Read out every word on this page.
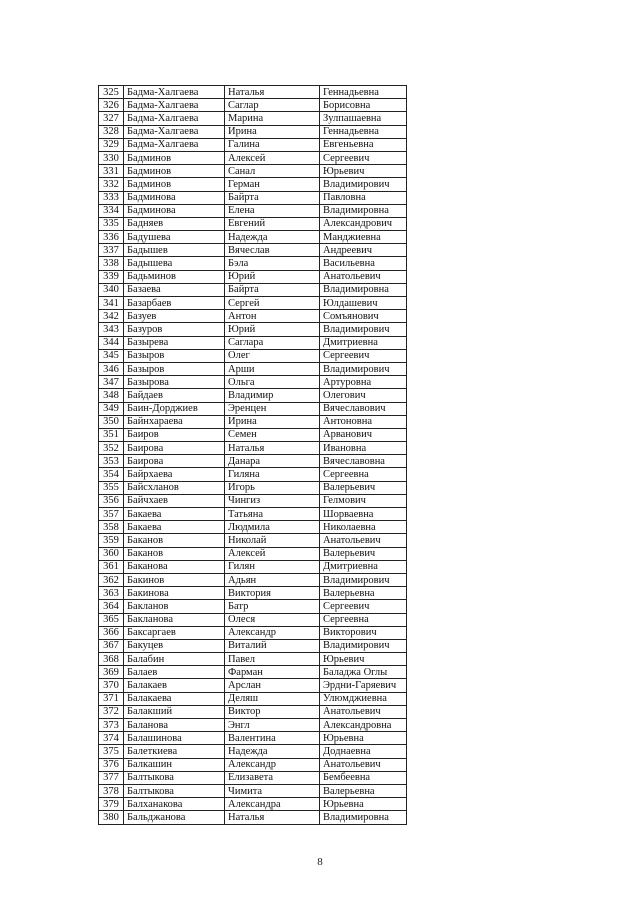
325	Бадма-Халгаева	Наталья	Геннадьевна
326	Бадма-Халгаева	Саглар	Борисовна
327	Бадма-Халгаева	Марина	Зулпашаевна
328	Бадма-Халгаева	Ирина	Геннадьевна
329	Бадма-Халгаева	Галина	Евгеньевна
330	Бадминов	Алексей	Сергеевич
331	Бадминов	Санал	Юрьевич
332	Бадминов	Герман	Владимирович
333	Бадминова	Байрта	Павловна
334	Бадминова	Елена	Владимировна
335	Бадняев	Евгений	Александрович
336	Бадушева	Надежда	Манджиевна
337	Бадышев	Вячеслав	Андреевич
338	Бадышева	Бэла	Васильевна
339	Бадьминов	Юрий	Анатольевич
340	Базаева	Байрта	Владимировна
341	Базарбаев	Сергей	Юлдашевич
342	Базуев	Антон	Сомъянович
343	Базуров	Юрий	Владимирович
344	Базырева	Саглара	Дмитриевна
345	Базыров	Олег	Сергеевич
346	Базыров	Арши	Владимирович
347	Базырова	Ольга	Артуровна
348	Байдаев	Владимир	Олегович
349	Баин-Дорджиев	Эренцен	Вячеславович
350	Байнхараева	Ирина	Антоновна
351	Баиров	Семен	Арванович
352	Баирова	Наталья	Ивановна
353	Баирова	Данара	Вячеславовна
354	Байрхаева	Гиляна	Сергеевна
355	Байсхланов	Игорь	Валерьевич
356	Байчхаев	Чингиз	Гелмович
357	Бакаева	Татьяна	Шорваевна
358	Бакаева	Людмила	Николаевна
359	Баканов	Николай	Анатольевич
360	Баканов	Алексей	Валерьевич
361	Баканова	Гилян	Дмитриевна
362	Бакинов	Адьян	Владимирович
363	Бакинова	Виктория	Валерьевна
364	Бакланов	Батр	Сергеевич
365	Бакланова	Олеся	Сергеевна
366	Баксаргаев	Александр	Викторович
367	Бакуцев	Виталий	Владимирович
368	Балабин	Павел	Юрьевич
369	Балаев	Фарман	Баладжа Оглы
370	Балакаев	Арслан	Эрдни-Гаряевич
371	Балакаева	Деляш	Улюмджиевна
372	Балакший	Виктор	Анатольевич
373	Баланова	Энгл	Александровна
374	Балашинова	Валентина	Юрьевна
375	Балеткиева	Надежда	Доднаевна
376	Балкашин	Александр	Анатольевич
377	Балтыкова	Елизавета	Бембеевна
378	Балтыкова	Чимита	Валерьевна
379	Балханакова	Александра	Юрьевна
380	Бальджанова	Наталья	Владимировна
8
